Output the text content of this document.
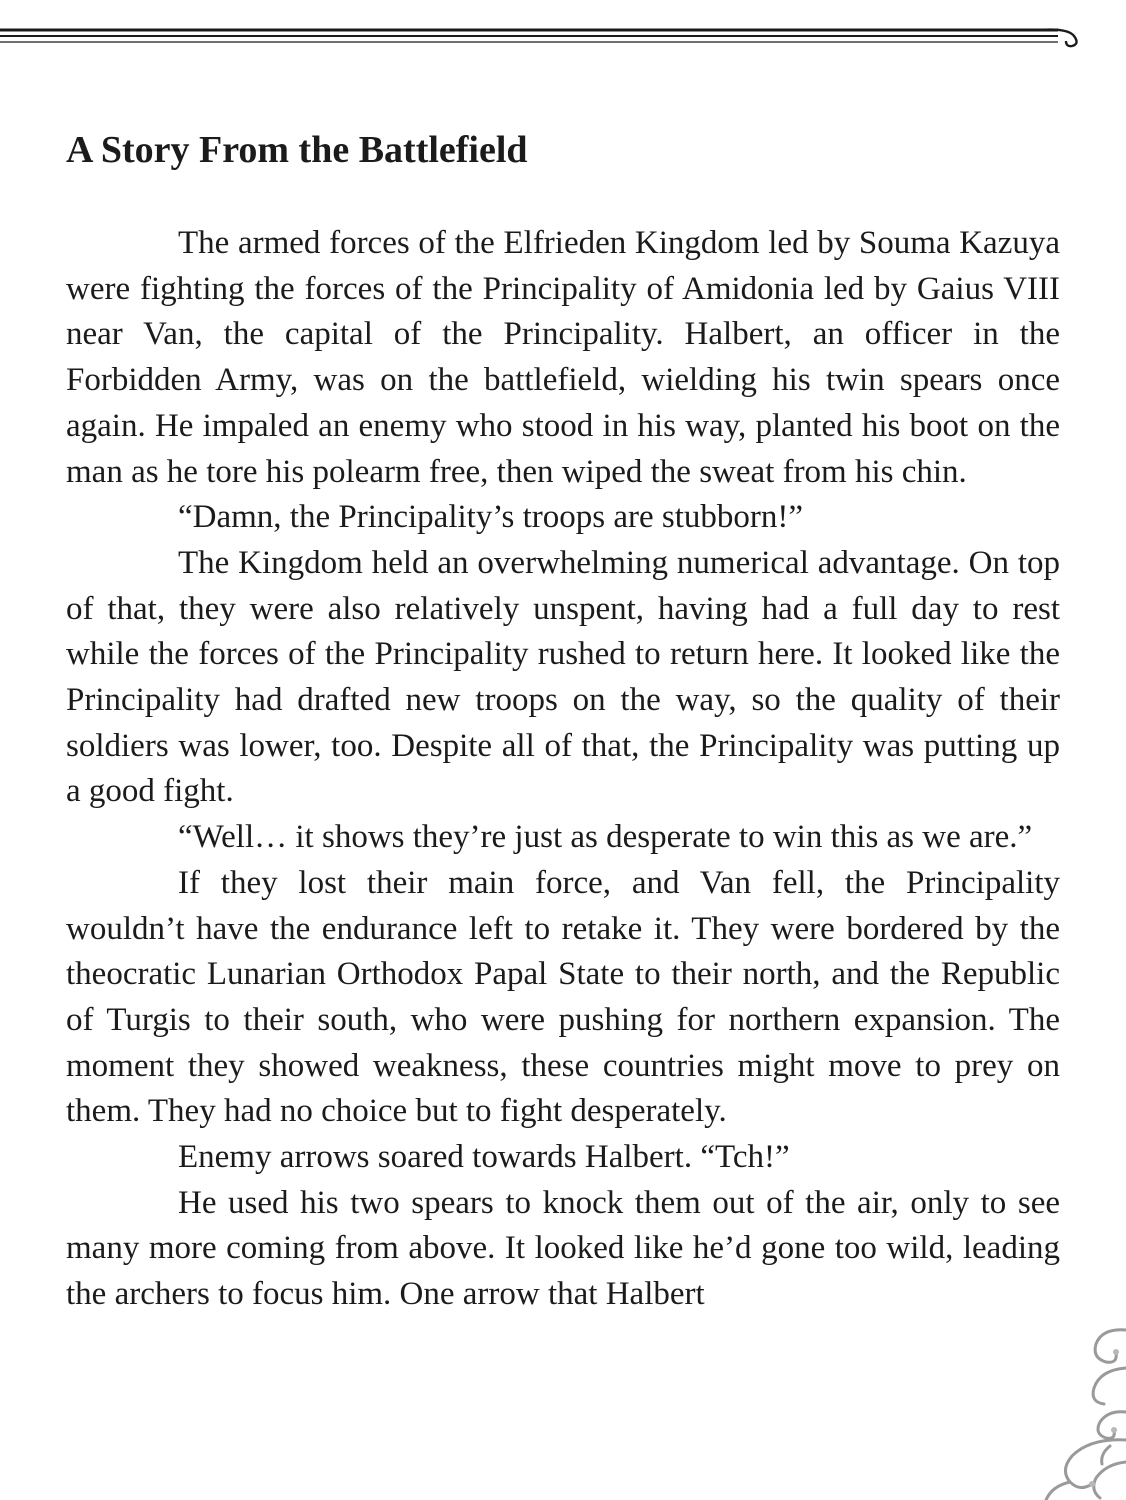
A Story From the Battlefield

The armed forces of the Elfrieden Kingdom led by Souma Kazuya were fighting the forces of the Principality of Amidonia led by Gaius VIII near Van, the capital of the Principality. Halbert, an officer in the Forbidden Army, was on the battlefield, wielding his twin spears once again. He impaled an enemy who stood in his way, planted his boot on the man as he tore his polearm free, then wiped the sweat from his chin.

“Damn, the Principality’s troops are stubborn!”

The Kingdom held an overwhelming numerical advantage. On top of that, they were also relatively unspent, having had a full day to rest while the forces of the Principality rushed to return here. It looked like the Principality had drafted new troops on the way, so the quality of their soldiers was lower, too. Despite all of that, the Principality was putting up a good fight.

“Well… it shows they’re just as desperate to win this as we are.”

If they lost their main force, and Van fell, the Principality wouldn’t have the endurance left to retake it. They were bordered by the theocratic Lunarian Orthodox Papal State to their north, and the Republic of Turgis to their south, who were pushing for northern expansion. The moment they showed weakness, these countries might move to prey on them. They had no choice but to fight desperately.

Enemy arrows soared towards Halbert. “Tch!”

He used his two spears to knock them out of the air, only to see many more coming from above. It looked like he’d gone too wild, leading the archers to focus him. One arrow that Halbert
